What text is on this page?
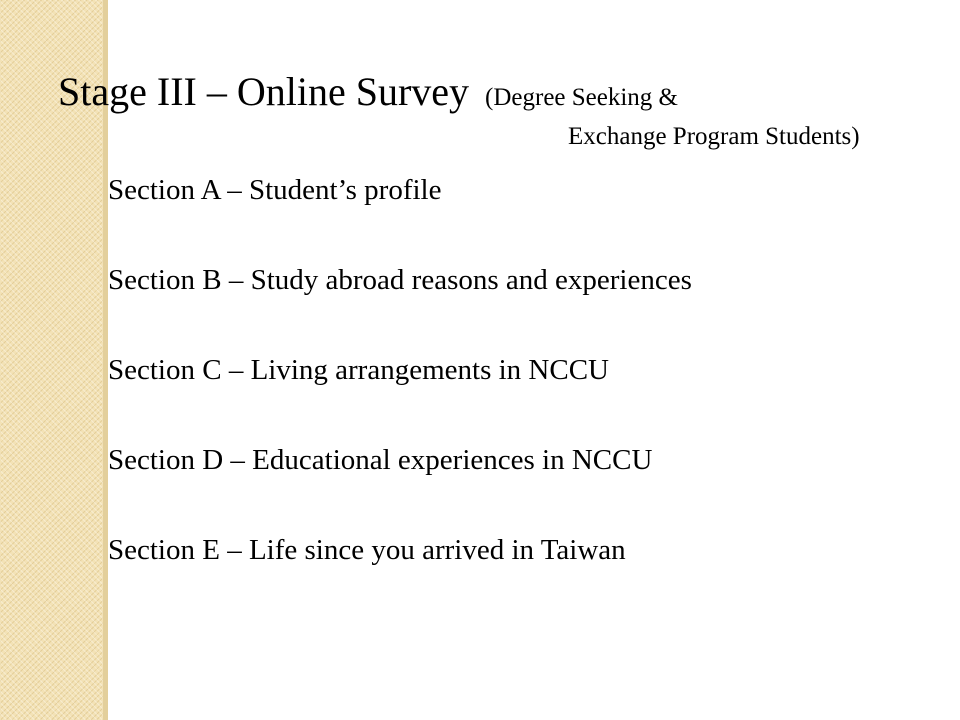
Stage III – Online Survey (Degree Seeking &
Exchange Program Students)
Section A – Student’s profile
Section B – Study abroad reasons and experiences
Section C – Living arrangements in NCCU
Section D – Educational experiences in NCCU
Section E – Life since you arrived in Taiwan
